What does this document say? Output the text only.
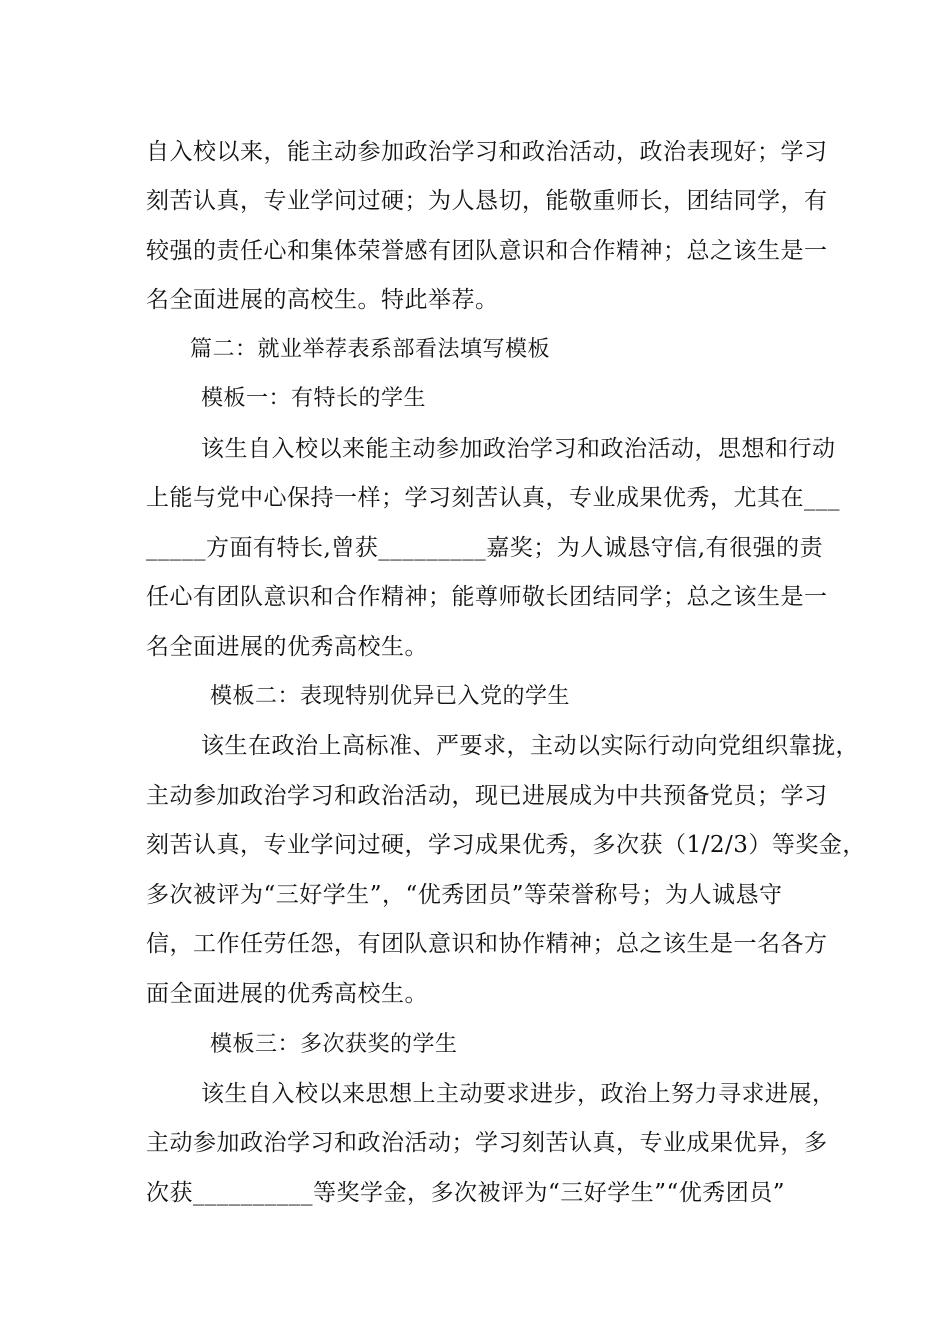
自入校以来，能主动参加政治学习和政治活动，政治表现好；学习
刻苦认真，专业学问过硬；为人恳切，能敬重师长，团结同学，有
较强的责任心和集体荣誉感有团队意识和合作精神；总之该生是一
名全面进展的高校生。特此举荐。
篇二：就业举荐表系部看法填写模板
模板一：有特长的学生
该生自入校以来能主动参加政治学习和政治活动，思想和行动
上能与党中心保持一样；学习刻苦认真，专业成果优秀，尤其在___
_____方面有特长,曾获_________嘉奖；为人诚恳守信,有很强的责
任心有团队意识和合作精神；能尊师敬长团结同学；总之该生是一
名全面进展的优秀高校生。
模板二：表现特别优异已入党的学生
该生在政治上高标准、严要求，主动以实际行动向党组织靠拢，
主动参加政治学习和政治活动，现已进展成为中共预备党员；学习
刻苦认真，专业学问过硬，学习成果优秀，多次获（1/2/3）等奖金，
多次被评为“三好学生”，“优秀团员”等荣誉称号；为人诚恳守
信，工作任劳任怨，有团队意识和协作精神；总之该生是一名各方
面全面进展的优秀高校生。
模板三：多次获奖的学生
该生自入校以来思想上主动要求进步，政治上努力寻求进展，
主动参加政治学习和政治活动；学习刻苦认真，专业成果优异，多
次获__________等奖学金，多次被评为“三好学生”“优秀团员”
